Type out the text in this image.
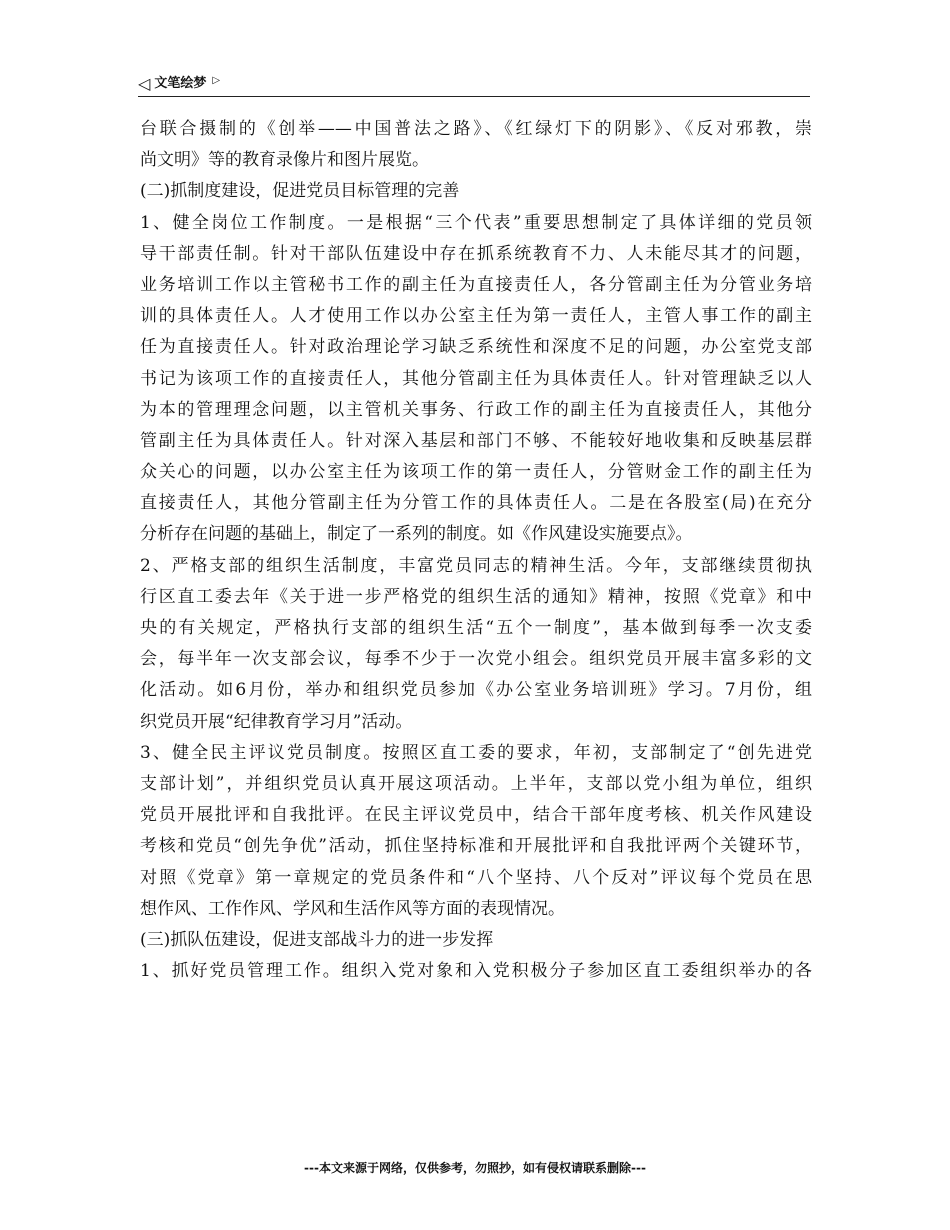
◁ 文笔绘梦 ▷
台联合摄制的《创举——中国普法之路》、《红绿灯下的阴影》、《反对邪教，崇
尚文明》等的教育录像片和图片展览。
(二)抓制度建设，促进党员目标管理的完善
1、健全岗位工作制度。一是根据“三个代表”重要思想制定了具体详细的党员领
导干部责任制。针对干部队伍建设中存在抓系统教育不力、人未能尽其才的问题，
业务培训工作以主管秘书工作的副主任为直接责任人，各分管副主任为分管业务培
训的具体责任人。人才使用工作以办公室主任为第一责任人，主管人事工作的副主
任为直接责任人。针对政治理论学习缺乏系统性和深度不足的问题，办公室党支部
书记为该项工作的直接责任人，其他分管副主任为具体责任人。针对管理缺乏以人
为本的管理理念问题，以主管机关事务、行政工作的副主任为直接责任人，其他分
管副主任为具体责任人。针对深入基层和部门不够、不能较好地收集和反映基层群
众关心的问题，以办公室主任为该项工作的第一责任人，分管财金工作的副主任为
直接责任人，其他分管副主任为分管工作的具体责任人。二是在各股室(局)在充分
分析存在问题的基础上，制定了一系列的制度。如《作风建设实施要点》。
2、严格支部的组织生活制度，丰富党员同志的精神生活。今年，支部继续贯彻执
行区直工委去年《关于进一步严格党的组织生活的通知》精神，按照《党章》和中
央的有关规定，严格执行支部的组织生活“五个一制度”，基本做到每季一次支委
会，每半年一次支部会议，每季不少于一次党小组会。组织党员开展丰富多彩的文
化活动。如6月份，举办和组织党员参加《办公室业务培训班》学习。7月份，组
织党员开展“纪律教育学习月”活动。
3、健全民主评议党员制度。按照区直工委的要求，年初，支部制定了“创先进党
支部计划”，并组织党员认真开展这项活动。上半年，支部以党小组为单位，组织
党员开展批评和自我批评。在民主评议党员中，结合干部年度考核、机关作风建设
考核和党员“创先争优”活动，抓住坚持标准和开展批评和自我批评两个关键环节，
对照《党章》第一章规定的党员条件和“八个坚持、八个反对”评议每个党员在思
想作风、工作作风、学风和生活作风等方面的表现情况。
(三)抓队伍建设，促进支部战斗力的进一步发挥
1、抓好党员管理工作。组织入党对象和入党积极分子参加区直工委组织举办的各
---本文来源于网络，仅供参考，勿照抄，如有侵权请联系删除---
